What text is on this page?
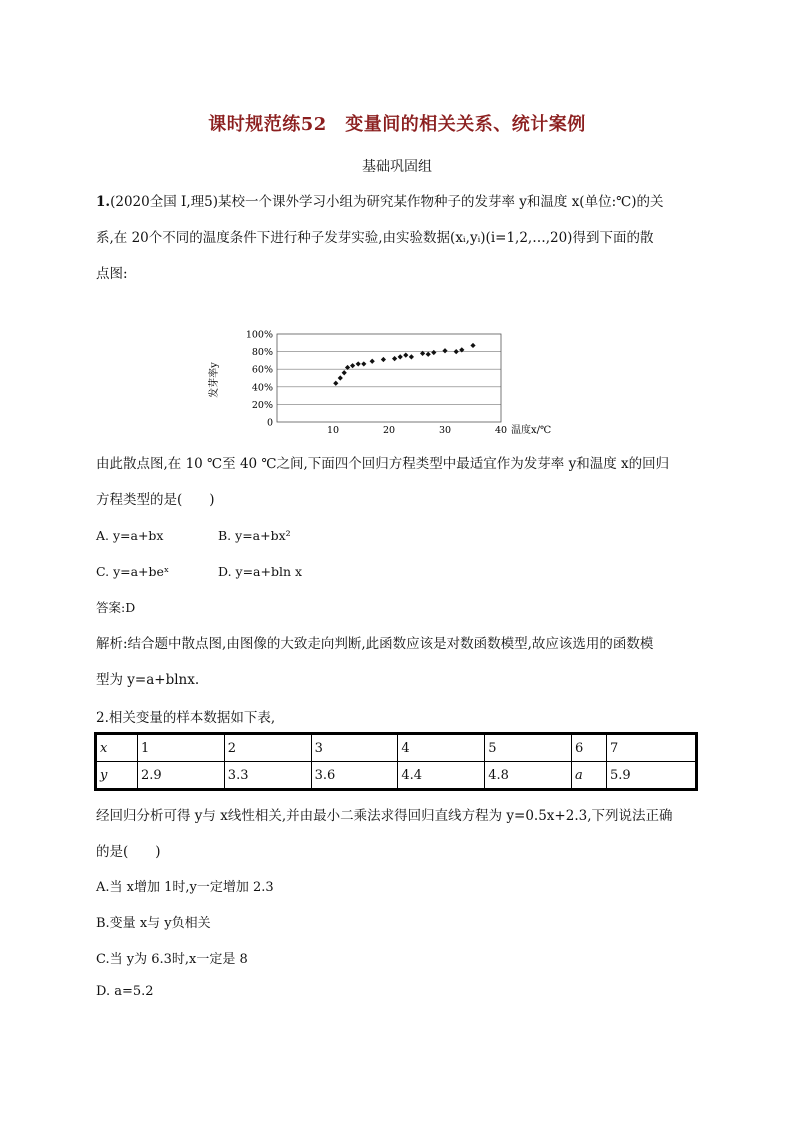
课时规范练52　变量间的相关关系、统计案例
基础巩固组
1.(2020全国 Ⅰ,理5)某校一个课外学习小组为研究某作物种子的发芽率 y和温度 x(单位:℃)的关
系,在 20个不同的温度条件下进行种子发芽实验,由实验数据(xᵢ,yᵢ)(i=1,2,…,20)得到下面的散
点图:
0
20%
40%
60%
80%
100%
10	20	30	40
发芽率y
温度x/℃
由此散点图,在 10 ℃至 40 ℃之间,下面四个回归方程类型中最适宜作为发芽率 y和温度 x的回归
方程类型的是(　　)
A. y=a+bx	B. y=a+bx²
C. y=a+beˣ	D. y=a+bln x
答案:D
解析:结合题中散点图,由图像的大致走向判断,此函数应该是对数函数模型,故应该选用的函数模
型为 y=a+blnx.
2.相关变量的样本数据如下表,
x	1	2	3	4	5	6	7
y	2.9	3.3	3.6	4.4	4.8	a	5.9
经回归分析可得 y与 x线性相关,并由最小二乘法求得回归直线方程为 y=0.5x+2.3,下列说法正确
的是(　　)
A.当 x增加 1时,y一定增加 2.3
B.变量 x与 y负相关
C.当 y为 6.3时,x一定是 8
D. a=5.2
